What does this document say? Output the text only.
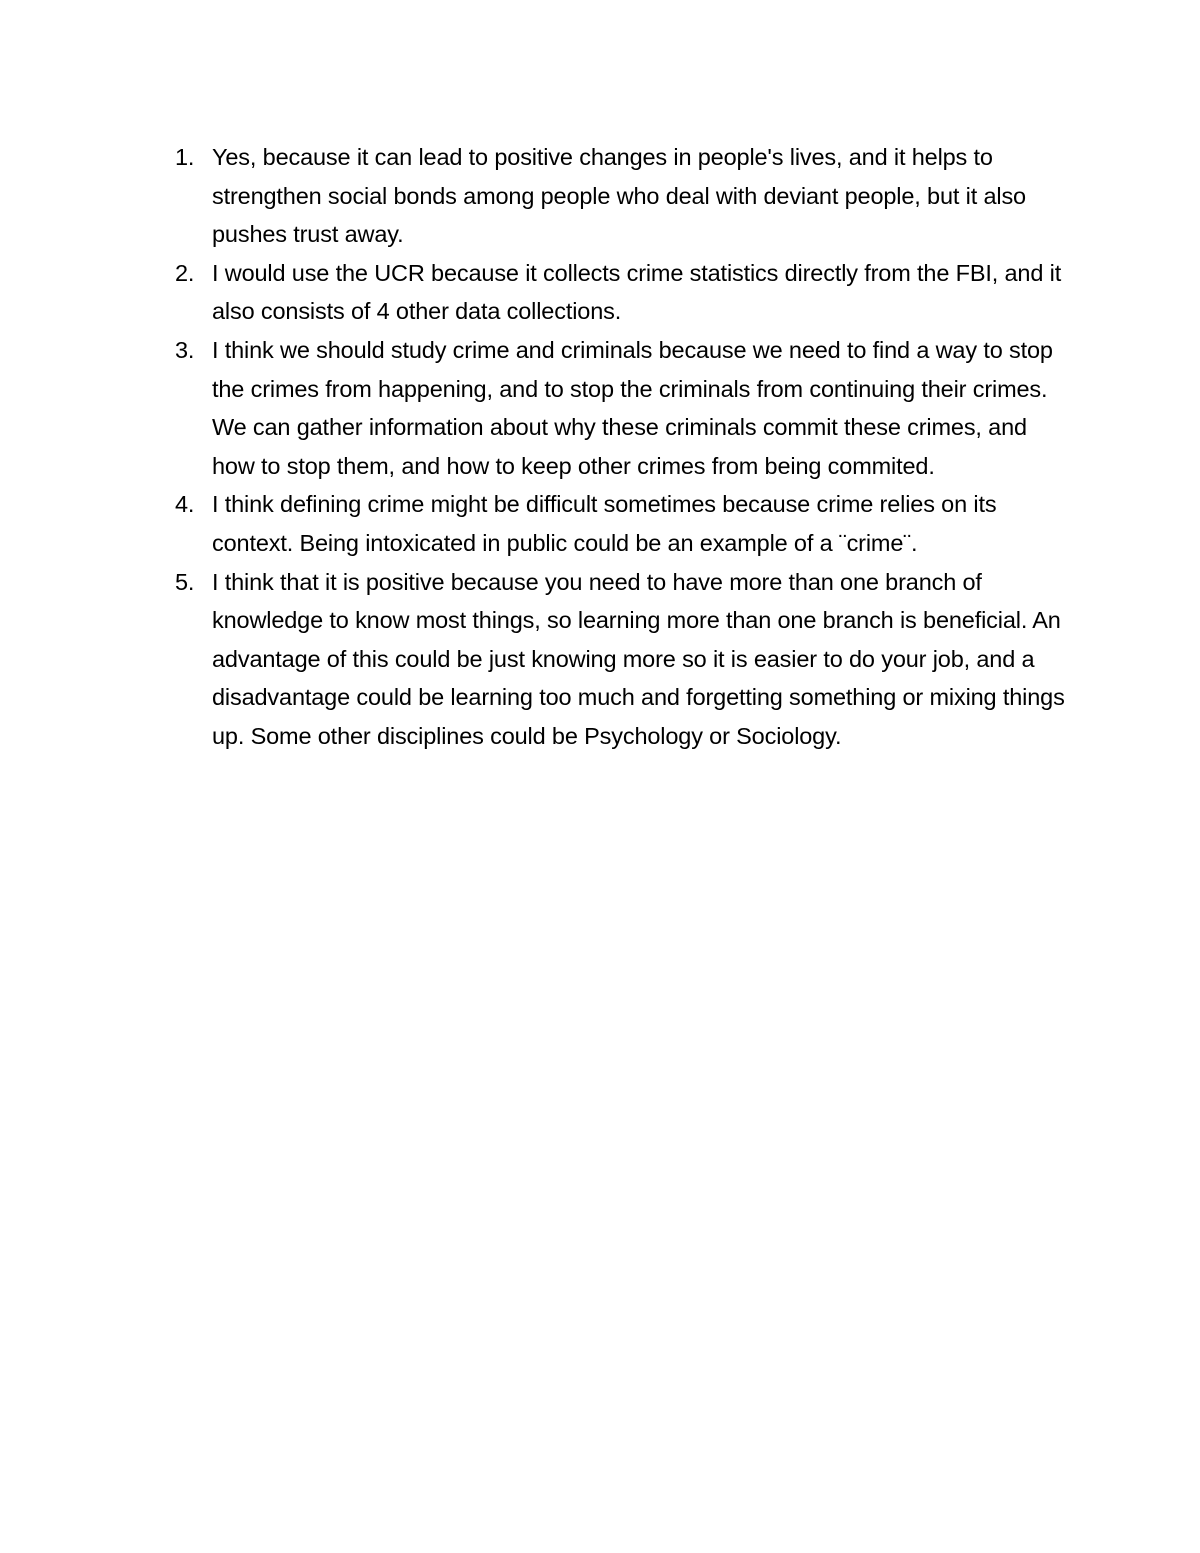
1. Yes, because it can lead to positive changes in people's lives, and it helps to strengthen social bonds among people who deal with deviant people, but it also pushes trust away.
2. I would use the UCR because it collects crime statistics directly from the FBI, and it also consists of 4 other data collections.
3. I think we should study crime and criminals because we need to find a way to stop the crimes from happening, and to stop the criminals from continuing their crimes. We can gather information about why these criminals commit these crimes, and how to stop them, and how to keep other crimes from being commited.
4. I think defining crime might be difficult sometimes because crime relies on its context. Being intoxicated in public could be an example of a ¨crime¨.
5. I think that it is positive because you need to have more than one branch of knowledge to know most things, so learning more than one branch is beneficial. An advantage of this could be just knowing more so it is easier to do your job, and a disadvantage could be learning too much and forgetting something or mixing things up. Some other disciplines could be Psychology or Sociology.
